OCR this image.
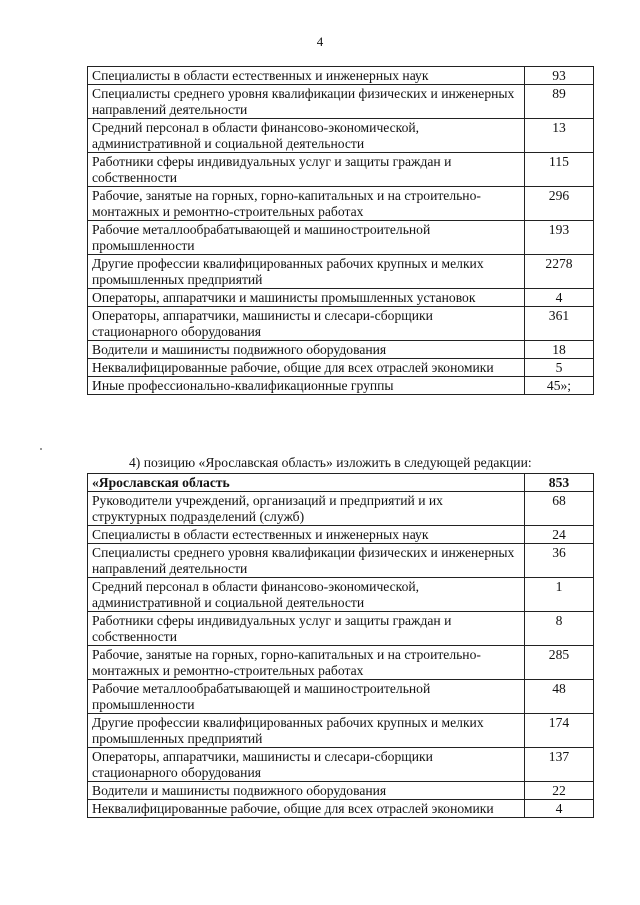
4
Специалисты в области естественных и инженерных наук	93
Специалисты среднего уровня квалификации физических и инженерных направлений деятельности	89
Средний персонал в области финансово-экономической, административной и социальной деятельности	13
Работники сферы индивидуальных услуг и защиты граждан и собственности	115
Рабочие, занятые на горных, горно-капитальных и на строительно-монтажных и ремонтно-строительных работах	296
Рабочие металлообрабатывающей и машиностроительной промышленности	193
Другие профессии квалифицированных рабочих крупных и мелких промышленных предприятий	2278
Операторы, аппаратчики и машинисты промышленных установок	4
Операторы, аппаратчики, машинисты и слесари-сборщики стационарного оборудования	361
Водители и машинисты подвижного оборудования	18
Неквалифицированные рабочие, общие для всех отраслей экономики	5
Иные профессионально-квалификационные группы	45»;
4) позицию «Ярославская область» изложить в следующей редакции:
«Ярославская область	853
Руководители учреждений, организаций и предприятий и их структурных подразделений (служб)	68
Специалисты в области естественных и инженерных наук	24
Специалисты среднего уровня квалификации физических и инженерных направлений деятельности	36
Средний персонал в области финансово-экономической, административной и социальной деятельности	1
Работники сферы индивидуальных услуг и защиты граждан и собственности	8
Рабочие, занятые на горных, горно-капитальных и на строительно-монтажных и ремонтно-строительных работах	285
Рабочие металлообрабатывающей и машиностроительной промышленности	48
Другие профессии квалифицированных рабочих крупных и мелких промышленных предприятий	174
Операторы, аппаратчики, машинисты и слесари-сборщики стационарного оборудования	137
Водители и машинисты подвижного оборудования	22
Неквалифицированные рабочие, общие для всех отраслей экономики	4
